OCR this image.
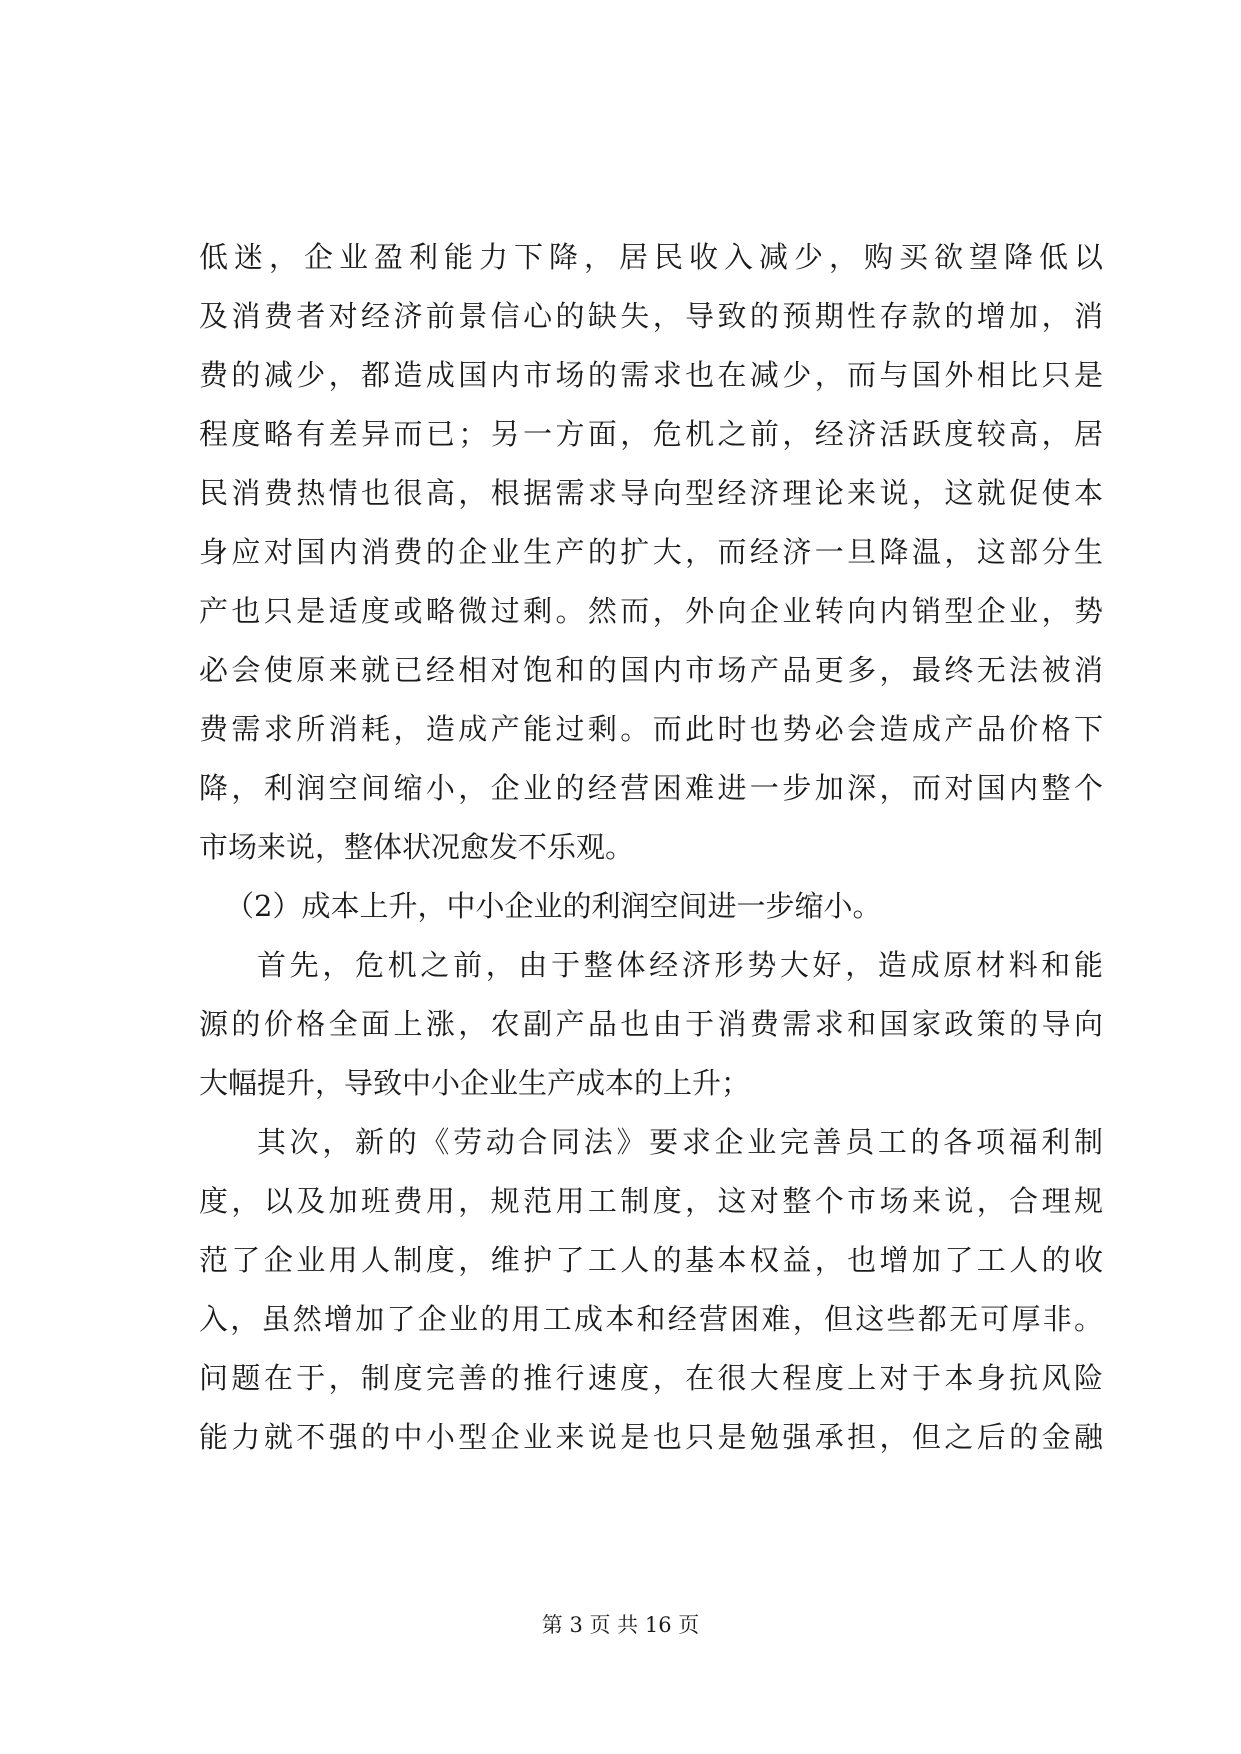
低迷，企业盈利能力下降，居民收入减少，购买欲望降低以
及消费者对经济前景信心的缺失，导致的预期性存款的增加，消
费的减少，都造成国内市场的需求也在减少，而与国外相比只是
程度略有差异而已；另一方面，危机之前，经济活跃度较高，居
民消费热情也很高，根据需求导向型经济理论来说，这就促使本
身应对国内消费的企业生产的扩大，而经济一旦降温，这部分生
产也只是适度或略微过剩。然而，外向企业转向内销型企业，势
必会使原来就已经相对饱和的国内市场产品更多，最终无法被消
费需求所消耗，造成产能过剩。而此时也势必会造成产品价格下
降，利润空间缩小，企业的经营困难进一步加深，而对国内整个
市场来说，整体状况愈发不乐观。
（2）成本上升，中小企业的利润空间进一步缩小。
首先，危机之前，由于整体经济形势大好，造成原材料和能
源的价格全面上涨，农副产品也由于消费需求和国家政策的导向
大幅提升，导致中小企业生产成本的上升；
其次，新的《劳动合同法》要求企业完善员工的各项福利制
度，以及加班费用，规范用工制度，这对整个市场来说，合理规
范了企业用人制度，维护了工人的基本权益，也增加了工人的收
入，虽然增加了企业的用工成本和经营困难，但这些都无可厚非。
问题在于，制度完善的推行速度，在很大程度上对于本身抗风险
能力就不强的中小型企业来说是也只是勉强承担，但之后的金融
第 3 页 共 16 页
